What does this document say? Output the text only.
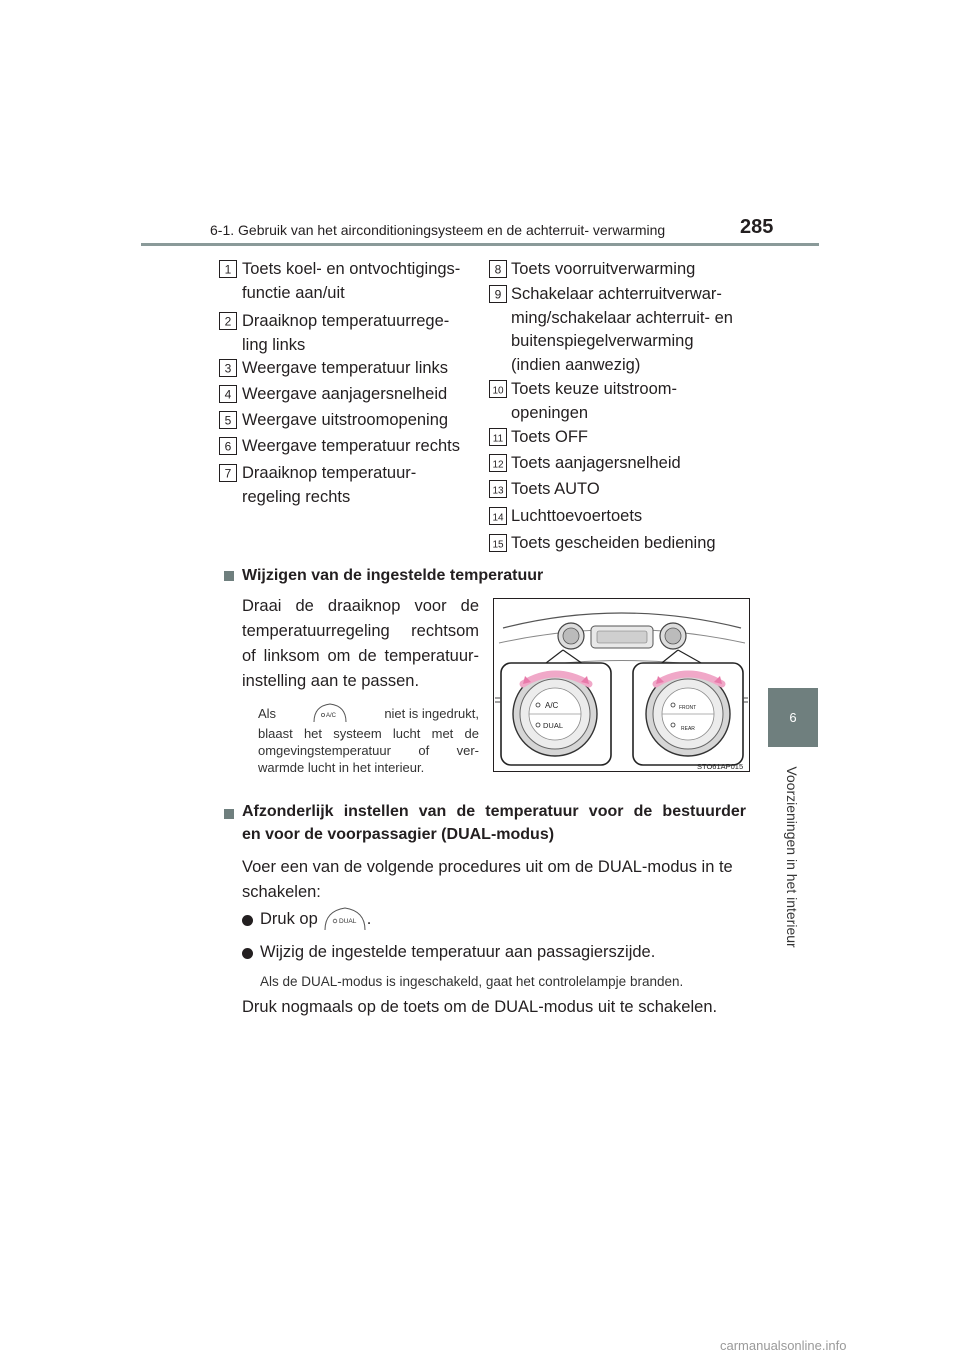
6-1. Gebruik van het airconditioningsysteem en de achterruit- verwarming	285
6
Voorzieningen in het interieur
1 Toets koel- en ontvochtigings-
functie aan/uit
2 Draaiknop temperatuurrege-
ling links
3 Weergave temperatuur links
4 Weergave aanjagersnelheid
5 Weergave uitstroomopening
6 Weergave temperatuur rechts
7 Draaiknop temperatuur-
regeling rechts
8 Toets voorruitverwarming
9 Schakelaar achterruitverwar-
ming/schakelaar achterruit- en
buitenspiegelverwarming
(indien aanwezig)
10 Toets keuze uitstroom-
openingen
11 Toets OFF
12 Toets aanjagersnelheid
13 Toets AUTO
14 Luchttoevoertoets
15 Toets gescheiden bediening
Wijzigen van de ingestelde temperatuur
Draai de draaiknop voor de
temperatuurregeling rechtsom
of linksom om de temperatuur-
instelling aan te passen.
Als	A/C	niet is ingedrukt,
blaast het systeem lucht met de
omgevingstemperatuur of ver-
warmde lucht in het interieur.
A/C
DUAL
FRONT
REAR
STO61AP015
Afzonderlijk instellen van de temperatuur voor de bestuurder
en voor de voorpassagier (DUAL-modus)
Voer een van de volgende procedures uit om de DUAL-modus in te
schakelen:
Druk op	DUAL .
Wijzig de ingestelde temperatuur aan passagierszijde.
Als de DUAL-modus is ingeschakeld, gaat het controlelampje branden.
Druk nogmaals op de toets om de DUAL-modus uit te schakelen.
carmanualsonline.info
